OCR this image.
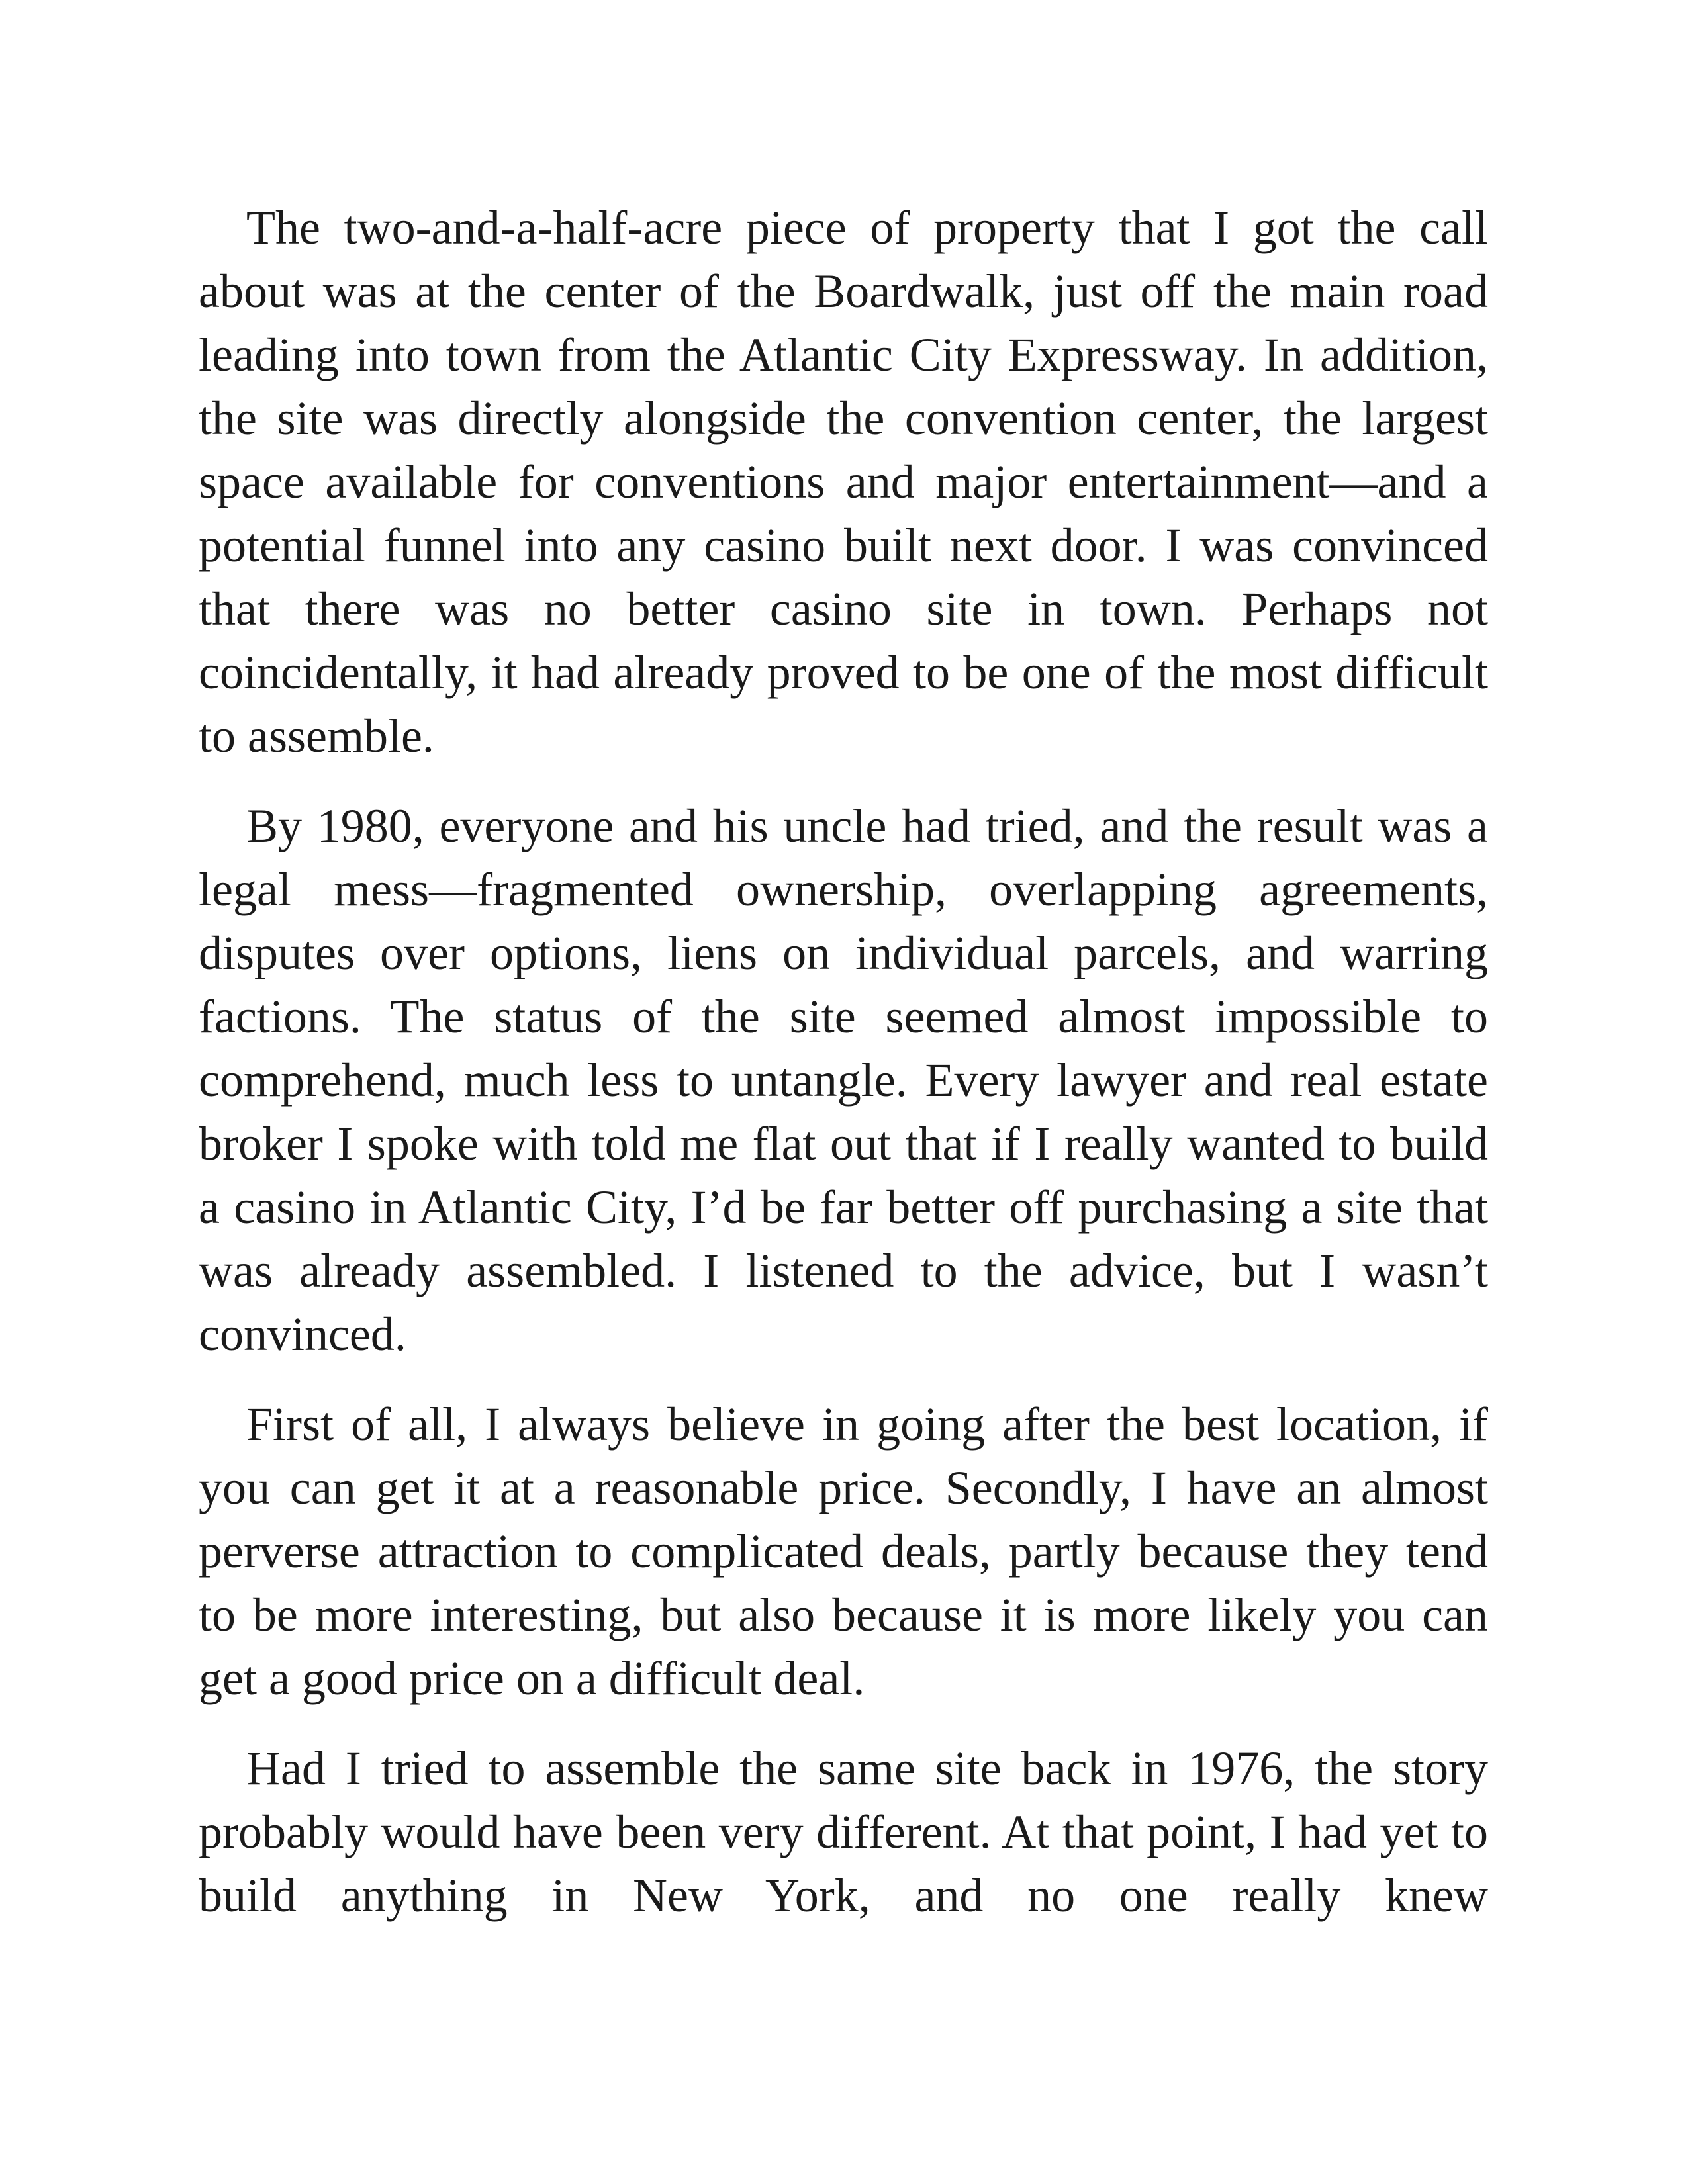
The two-and-a-half-acre piece of property that I got the call about was at the center of the Boardwalk, just off the main road leading into town from the Atlantic City Expressway. In addition, the site was directly alongside the convention center, the largest space available for conventions and major entertainment—and a potential funnel into any casino built next door. I was convinced that there was no better casino site in town. Perhaps not coincidentally, it had already proved to be one of the most difficult to assemble.

By 1980, everyone and his uncle had tried, and the result was a legal mess—fragmented ownership, overlapping agreements, disputes over options, liens on individual parcels, and warring factions. The status of the site seemed almost impossible to comprehend, much less to untangle. Every lawyer and real estate broker I spoke with told me flat out that if I really wanted to build a casino in Atlantic City, I’d be far better off purchasing a site that was already assembled. I listened to the advice, but I wasn’t convinced.

First of all, I always believe in going after the best location, if you can get it at a reasonable price. Secondly, I have an almost perverse attraction to complicated deals, partly because they tend to be more interesting, but also because it is more likely you can get a good price on a difficult deal.

Had I tried to assemble the same site back in 1976, the story probably would have been very different. At that point, I had yet to build anything in New York, and no one really knew
